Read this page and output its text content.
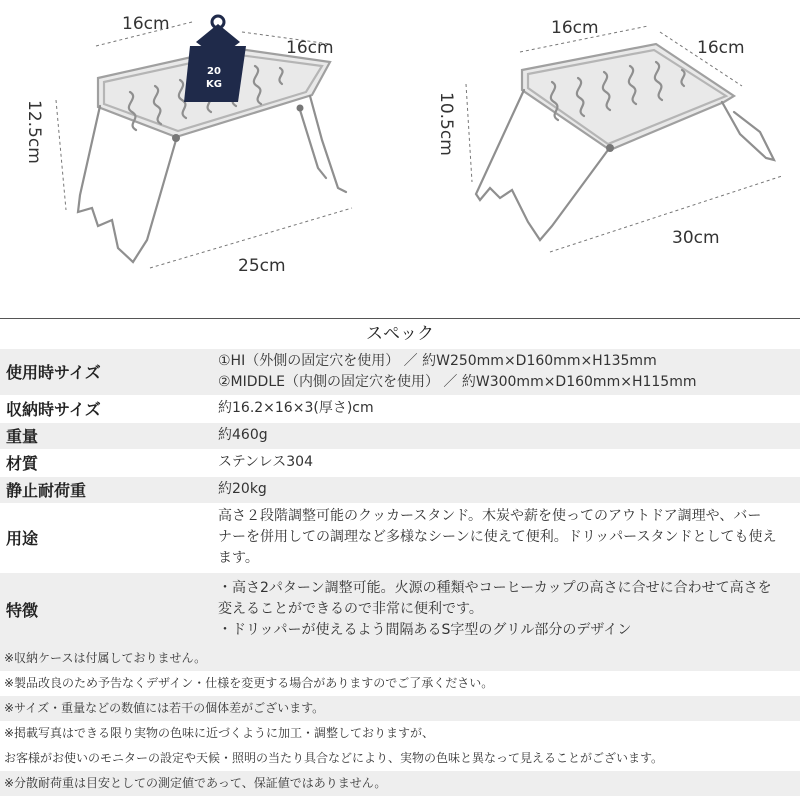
20
KG
16cm
16cm
12.5cm
25cm
16cm
16cm
10.5cm
30cm
スペック
使用時サイズ	①HI（外側の固定穴を使用） ／ 約W250mm×D160mm×H135mm
②MIDDLE（内側の固定穴を使用） ／ 約W300mm×D160mm×H115mm

収納時サイズ	約16.2×16×3(厚さ)cm
重量	約460g
材質	ステンレス304
静止耐荷重	約20kg
用途	高さ２段階調整可能のクッカースタンド。木炭や薪を使ってのアウトドア調理や、バー
ナーを併用しての調理など多様なシーンに使えて便利。ドリッパースタンドとしても使え
ます。

特徴	・高さ2パターン調整可能。火源の種類やコーヒーカップの高さに合せに合わせて高さを
変えることができるので非常に便利です。
・ドリッパーが使えるよう間隔あるS字型のグリル部分のデザイン
※収納ケースは付属しておりません。
※製品改良のため予告なくデザイン・仕様を変更する場合がありますのでご了承ください。
※サイズ・重量などの数値には若干の個体差がございます。
※掲載写真はできる限り実物の色味に近づくように加工・調整しておりますが、
お客様がお使いのモニターの設定や天候・照明の当たり具合などにより、実物の色味と異なって見えることがございます。
※分散耐荷重は目安としての測定値であって、保証値ではありません。
